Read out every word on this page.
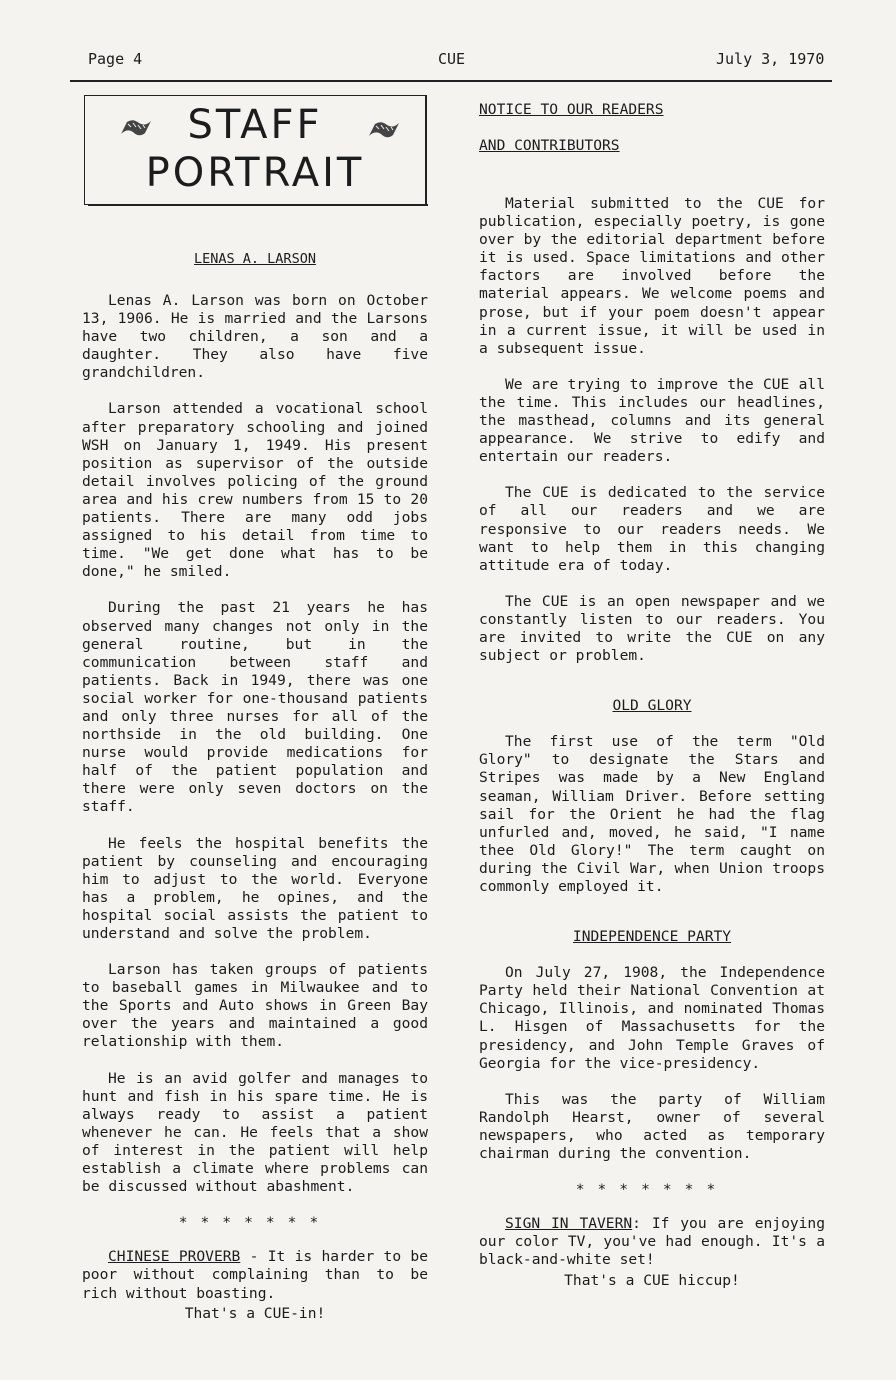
Page 4	CUE	July 3, 1970
STAFF
PORTRAIT
LENAS A. LARSON

Lenas A. Larson was born on October 13, 1906. He is married and the Larsons have two children, a son and a daughter. They also have five grandchildren.

Larson attended a vocational school after preparatory schooling and joined WSH on January 1, 1949. His present position as supervisor of the outside detail involves policing of the ground area and his crew numbers from 15 to 20 patients. There are many odd jobs assigned to his detail from time to time. "We get done what has to be done," he smiled.

During the past 21 years he has observed many changes not only in the general routine, but in the communication between staff and patients. Back in 1949, there was one social worker for one-thousand patients and only three nurses for all of the northside in the old building. One nurse would provide medications for half of the patient population and there were only seven doctors on the staff.

He feels the hospital benefits the patient by counseling and encouraging him to adjust to the world. Everyone has a problem, he opines, and the hospital social assists the patient to understand and solve the problem.

Larson has taken groups of patients to baseball games in Milwaukee and to the Sports and Auto shows in Green Bay over the years and maintained a good relationship with them.

He is an avid golfer and manages to hunt and fish in his spare time. He is always ready to assist a patient whenever he can. He feels that a show of interest in the patient will help establish a climate where problems can be discussed without abashment.

*******

CHINESE PROVERB - It is harder to be poor without complaining than to be rich without boasting.

That's a CUE-in!
NOTICE TO OUR READERS
AND CONTRIBUTORS

Material submitted to the CUE for publication, especially poetry, is gone over by the editorial department before it is used. Space limitations and other factors are involved before the material appears. We welcome poems and prose, but if your poem doesn't appear in a current issue, it will be used in a subsequent issue.

We are trying to improve the CUE all the time. This includes our headlines, the masthead, columns and its general appearance. We strive to edify and entertain our readers.

The CUE is dedicated to the service of all our readers and we are responsive to our readers needs. We want to help them in this changing attitude era of today.

The CUE is an open newspaper and we constantly listen to our readers. You are invited to write the CUE on any subject or problem.

OLD GLORY

The first use of the term "Old Glory" to designate the Stars and Stripes was made by a New England seaman, William Driver. Before setting sail for the Orient he had the flag unfurled and, moved, he said, "I name thee Old Glory!" The term caught on during the Civil War, when Union troops commonly employed it.

INDEPENDENCE PARTY

On July 27, 1908, the Independence Party held their National Convention at Chicago, Illinois, and nominated Thomas L. Hisgen of Massachusetts for the presidency, and John Temple Graves of Georgia for the vice-presidency.

This was the party of William Randolph Hearst, owner of several newspapers, who acted as temporary chairman during the convention.

*******

SIGN IN TAVERN: If you are enjoying our color TV, you've had enough. It's a black-and-white set!

That's a CUE hiccup!
